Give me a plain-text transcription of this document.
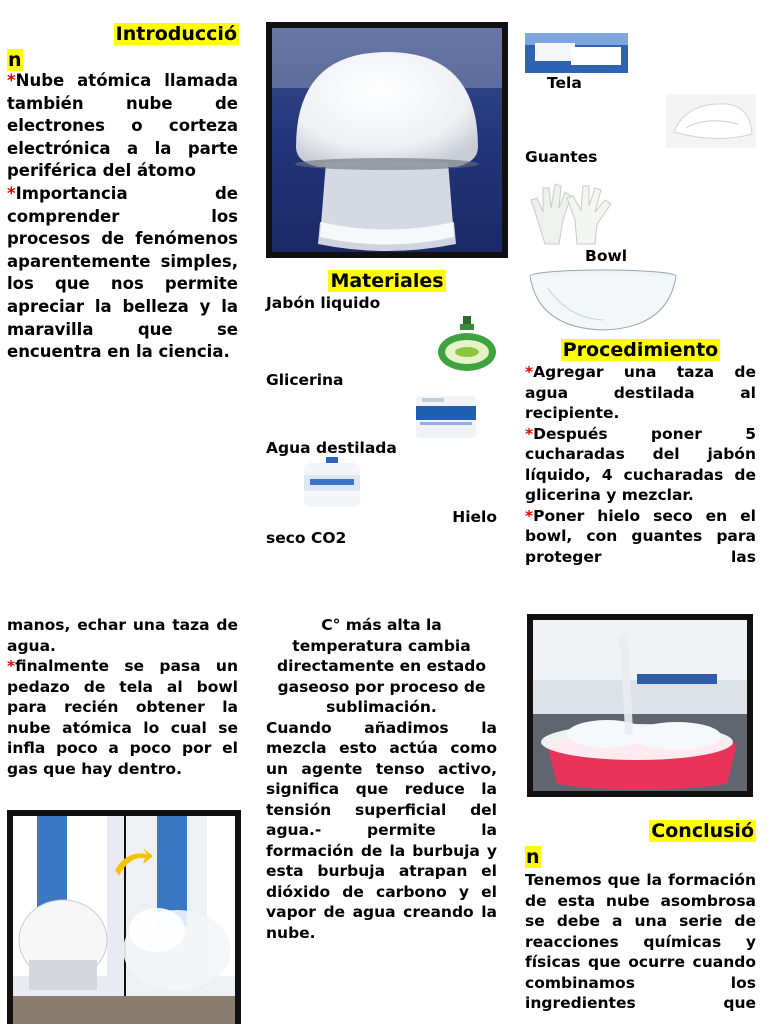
Introducció
n
*Nube atómica llamada también nube de electrones o corteza electrónica a la parte periférica del átomo
*Importancia de comprender los procesos de fenómenos aparentemente simples, los que nos permite apreciar la belleza y la maravilla que se encuentra en la ciencia.
Materiales
Jabón liquido
Glicerina
Agua destilada
Hielo
seco CO2
Tela
Guantes
Bowl
Procedimiento
*Agregar una taza de agua destilada al recipiente.
*Después poner 5 cucharadas del jabón líquido, 4 cucharadas de glicerina y mezclar.
*Poner hielo seco en el bowl, con guantes para proteger las
manos, echar una taza de agua.
*finalmente se pasa un pedazo de tela al bowl para recién obtener la nube atómica lo cual se infla poco a poco por el gas que hay dentro.
C° más alta la temperatura cambia directamente en estado gaseoso por proceso de sublimación.
Cuando añadimos la mezcla esto actúa como un agente tenso activo, significa que reduce la tensión superficial del agua.- permite la formación de la burbuja y esta burbuja atrapan el dióxido de carbono y el vapor de agua creando la nube.
Conclusió
n
Tenemos que la formación de esta nube asombrosa se debe a una serie de reacciones químicas y físicas que ocurre cuando combinamos los ingredientes que
